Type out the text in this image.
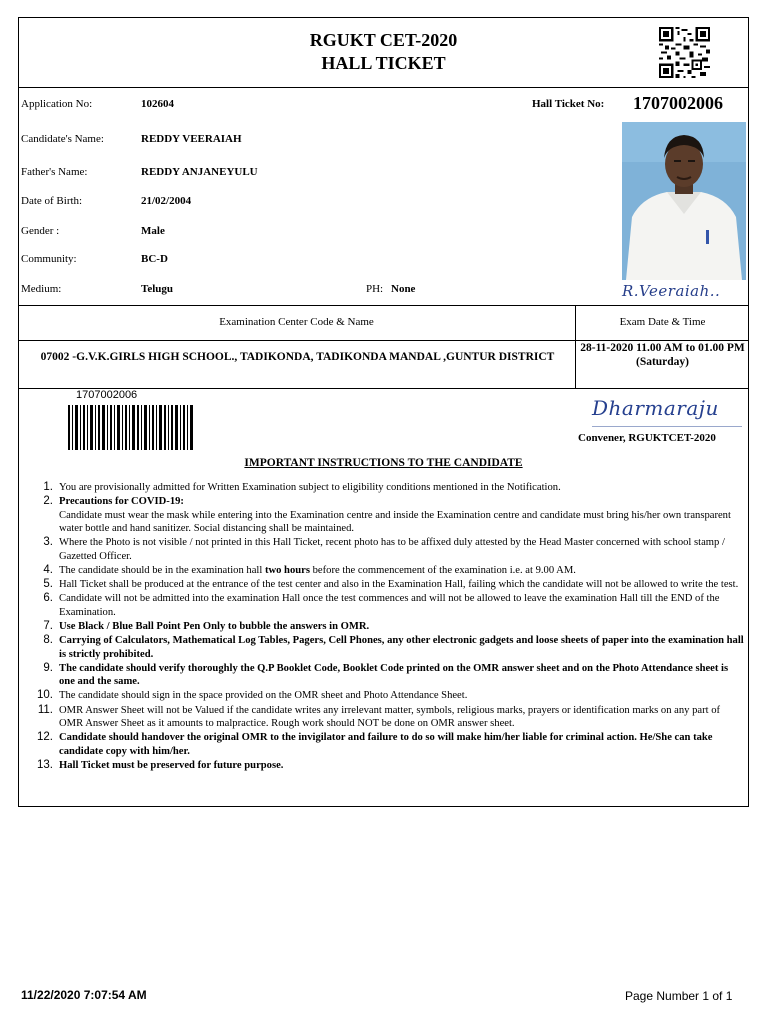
RGUKT CET-2020
HALL TICKET
Application No:	102604	Hall Ticket No: 1707002006
Candidate's Name:	REDDY VEERAIAH
Father's Name:	REDDY ANJANEYULU
Date of Birth:	21/02/2004
Gender :	Male
Community:	BC-D
Medium:	Telugu	PH: None	R.Veeraiah..
Examination Center Code & Name	Exam Date & Time
07002 -G.V.K.GIRLS HIGH SCHOOL., TADIKONDA, TADIKONDA MANDAL ,GUNTUR DISTRICT
28-11-2020 11.00 AM to 01.00 PM (Saturday)
1707002006
Dharmaraju
Convener, RGUKTCET-2020
IMPORTANT INSTRUCTIONS TO THE CANDIDATE
1. You are provisionally admitted for Written Examination subject to eligibility conditions mentioned in the Notification.
2. Precautions for COVID-19:
Candidate must wear the mask while entering into the Examination centre and inside the Examination centre and candidate must bring his/her own transparent water bottle and hand sanitizer. Social distancing shall be maintained.
3. Where the Photo is not visible / not printed in this Hall Ticket, recent photo has to be affixed duly attested by the Head Master concerned with school stamp / Gazetted Officer.
4. The candidate should be in the examination hall two hours before the commencement of the examination i.e. at 9.00 AM.
5. Hall Ticket shall be produced at the entrance of the test center and also in the Examination Hall, failing which the candidate will not be allowed to write the test.
6. Candidate will not be admitted into the examination Hall once the test commences and will not be allowed to leave the examination Hall till the END of the Examination.
7. Use Black / Blue Ball Point Pen Only to bubble the answers in OMR.
8. Carrying of Calculators, Mathematical Log Tables, Pagers, Cell Phones, any other electronic gadgets and loose sheets of paper into the examination hall is strictly prohibited.
9. The candidate should verify thoroughly the Q.P Booklet Code, Booklet Code printed on the OMR answer sheet and on the Photo Attendance sheet is one and the same.
10. The candidate should sign in the space provided on the OMR sheet and Photo Attendance Sheet.
11. OMR Answer Sheet will not be Valued if the candidate writes any irrelevant matter, symbols, religious marks, prayers or identification marks on any part of OMR Answer Sheet as it amounts to malpractice. Rough work should NOT be done on OMR answer sheet.
12. Candidate should handover the original OMR to the invigilator and failure to do so will make him/her liable for criminal action. He/She can take candidate copy with him/her.
13. Hall Ticket must be preserved for future purpose.
11/22/2020 7:07:54 AM	Page Number 1 of 1
